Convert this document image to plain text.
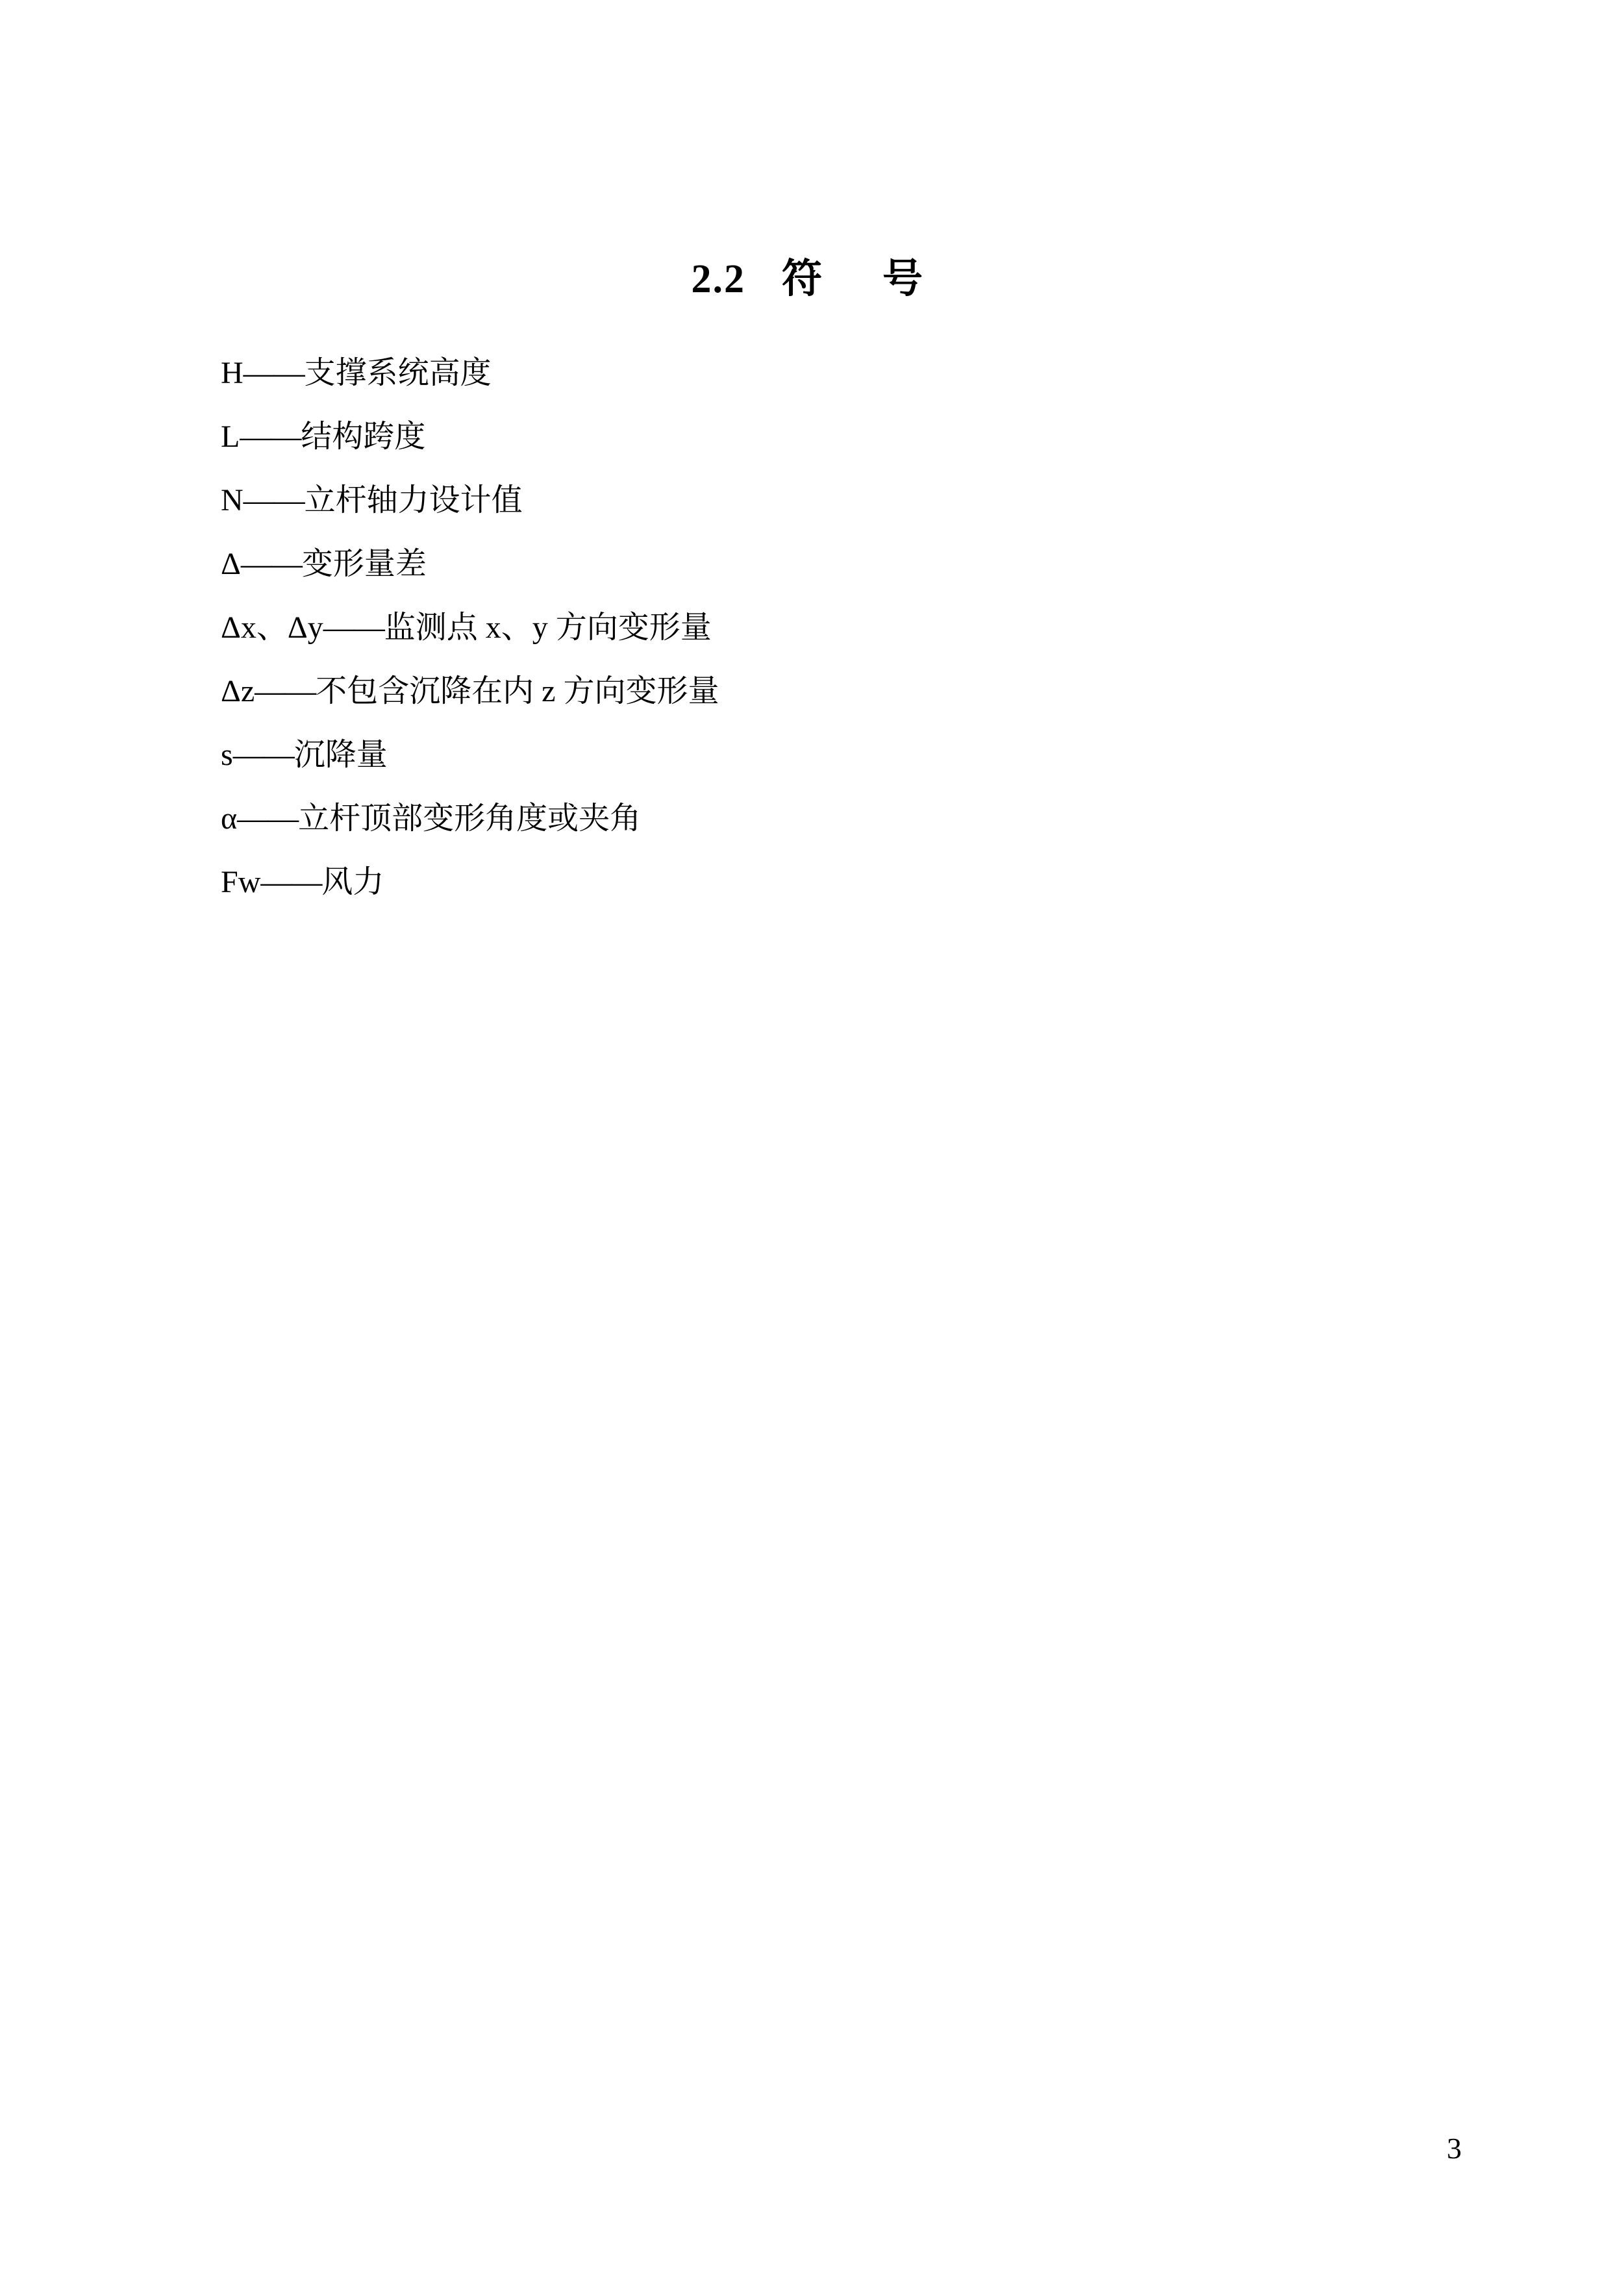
2.2 符　号
H——支撑系统高度
L——结构跨度
N——立杆轴力设计值
Δ——变形量差
Δx、Δy——监测点 x、y 方向变形量
Δz——不包含沉降在内 z 方向变形量
s——沉降量
α——立杆顶部变形角度或夹角
Fw——风力
3
